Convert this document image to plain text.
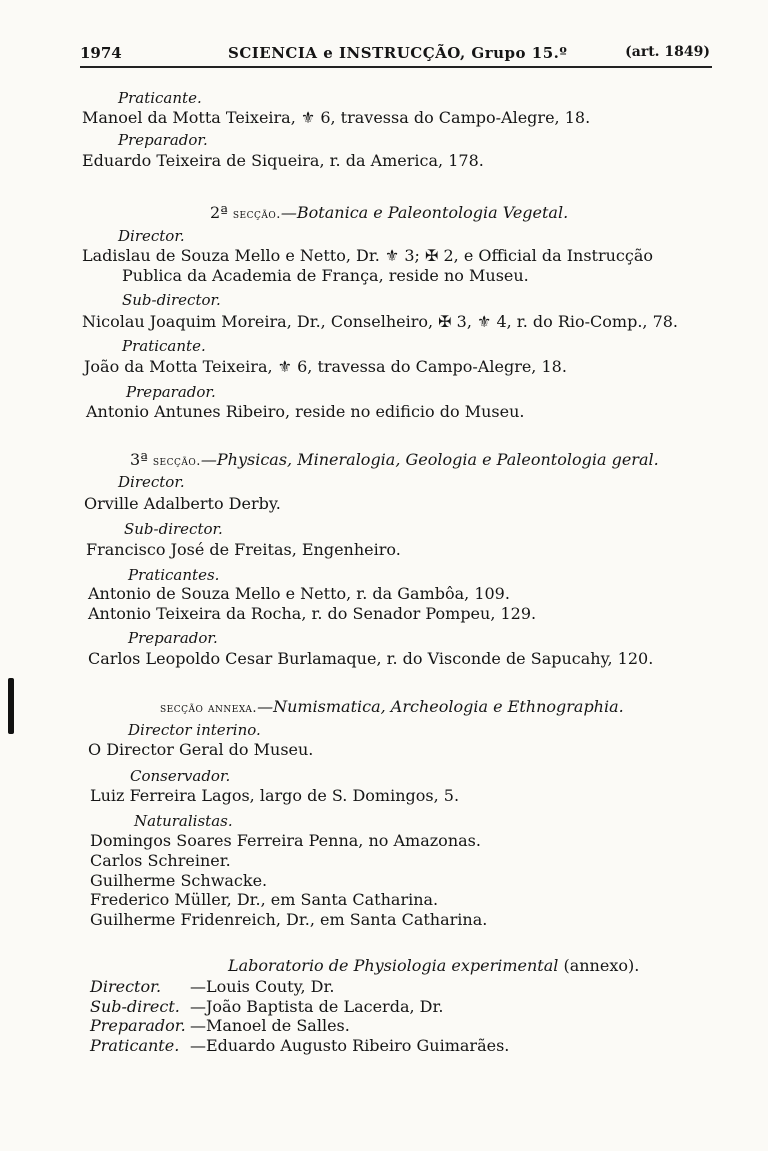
1974	SCIENCIA e INSTRUCÇÃO, Grupo 15.º	(art. 1849)
Praticante.
Manoel da Motta Teixeira, ⚜ 6, travessa do Campo-Alegre, 18.
Preparador.
Eduardo Teixeira de Siqueira, r. da America, 178.
2ª secção.—Botanica e Paleontologia Vegetal.
Director.
Ladislau de Souza Mello e Netto, Dr. ⚜ 3; ✠ 2, e Official da Instrucção
Publica da Academia de França, reside no Museu.
Sub-director.
Nicolau Joaquim Moreira, Dr., Conselheiro, ✠ 3, ⚜ 4, r. do Rio-Comp., 78.
Praticante.
João da Motta Teixeira, ⚜ 6, travessa do Campo-Alegre, 18.
Preparador.
Antonio Antunes Ribeiro, reside no edificio do Museu.
3ª secção.—Physicas, Mineralogia, Geologia e Paleontologia geral.
Director.
Orville Adalberto Derby.
Sub-director.
Francisco José de Freitas, Engenheiro.
Praticantes.
Antonio de Souza Mello e Netto, r. da Gambôa, 109.
Antonio Teixeira da Rocha, r. do Senador Pompeu, 129.
Preparador.
Carlos Leopoldo Cesar Burlamaque, r. do Visconde de Sapucahy, 120.
secção annexa.—Numismatica, Archeologia e Ethnographia.
Director interino.
O Director Geral do Museu.
Conservador.
Luiz Ferreira Lagos, largo de S. Domingos, 5.
Naturalistas.
Domingos Soares Ferreira Penna, no Amazonas.
Carlos Schreiner.
Guilherme Schwacke.
Frederico Müller, Dr., em Santa Catharina.
Guilherme Fridenreich, Dr., em Santa Catharina.
Laboratorio de Physiologia experimental (annexo).
Director. —Louis Couty, Dr.
Sub-direct. —João Baptista de Lacerda, Dr.
Preparador. —Manoel de Salles.
Praticante. —Eduardo Augusto Ribeiro Guimarães.
